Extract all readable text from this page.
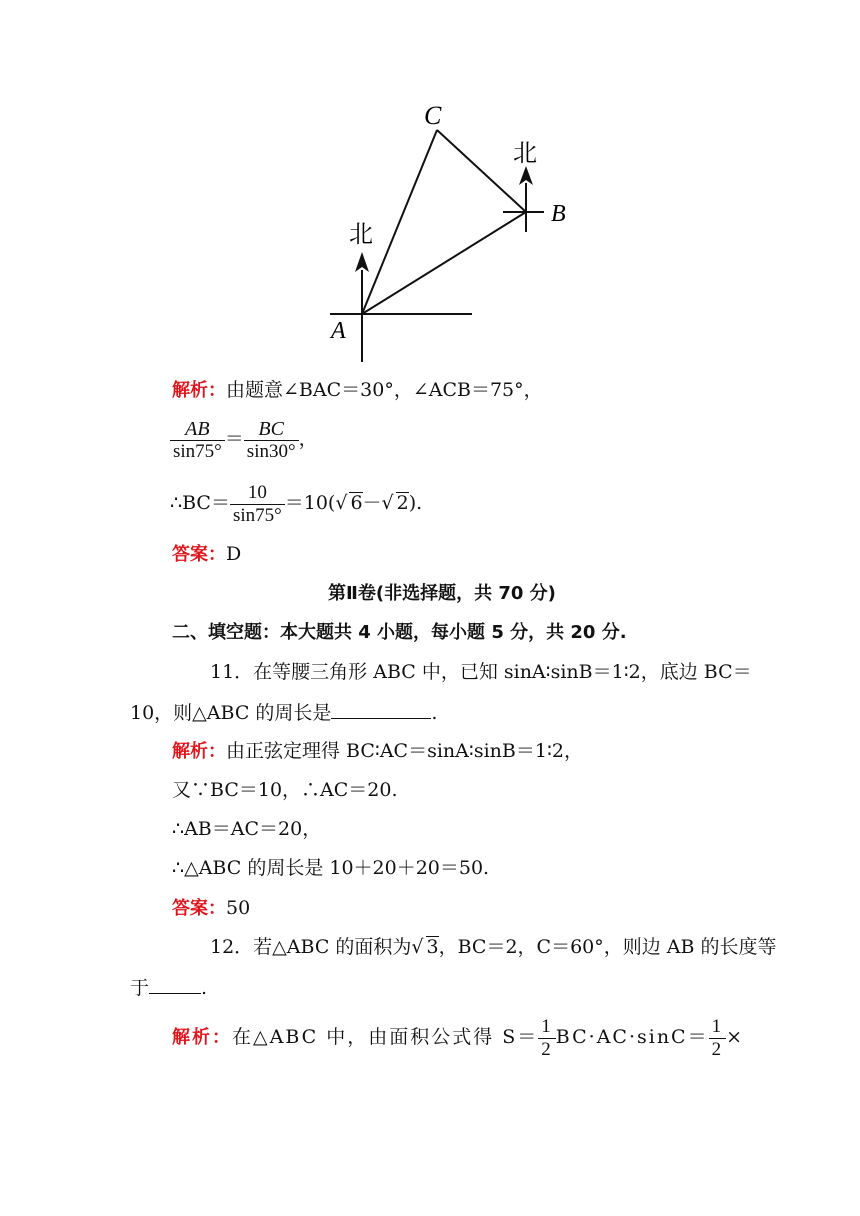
C
B
A
北
北
解析：由题意∠BAC＝30°，∠ACB＝75°，
$\frac{AB}{\sin 75^\circ} = \frac{BC}{\sin 30^\circ}$ ，
∴BC＝ $\frac{10}{\sin 75^\circ} =10(√$ 6－√ 2).
答案：D
第Ⅱ卷(非选择题，共 70 分)
二、填空题：本大题共 4 小题，每小题 5 分，共 20 分.
11．在等腰三角形 ABC 中，已知 sinA∶sinB＝1∶2，底边 BC＝
10，则△ABC 的周长是	.
解析：由正弦定理得 BC∶AC＝sinA∶sinB＝1∶2，
又∵BC＝10，∴AC＝20.
∴AB＝AC＝20，
∴△ABC 的周长是 10＋20＋20＝50.
答案：50
12．若△ABC 的面积为√ 3，BC＝2，C＝60°，则边 AB 的长度等
于	.
解析：在△ABC 中，由面积公式得 $S= \frac{1}{2} BC\cdot AC\cdot\sin C= \frac{1}{2}$ ×
